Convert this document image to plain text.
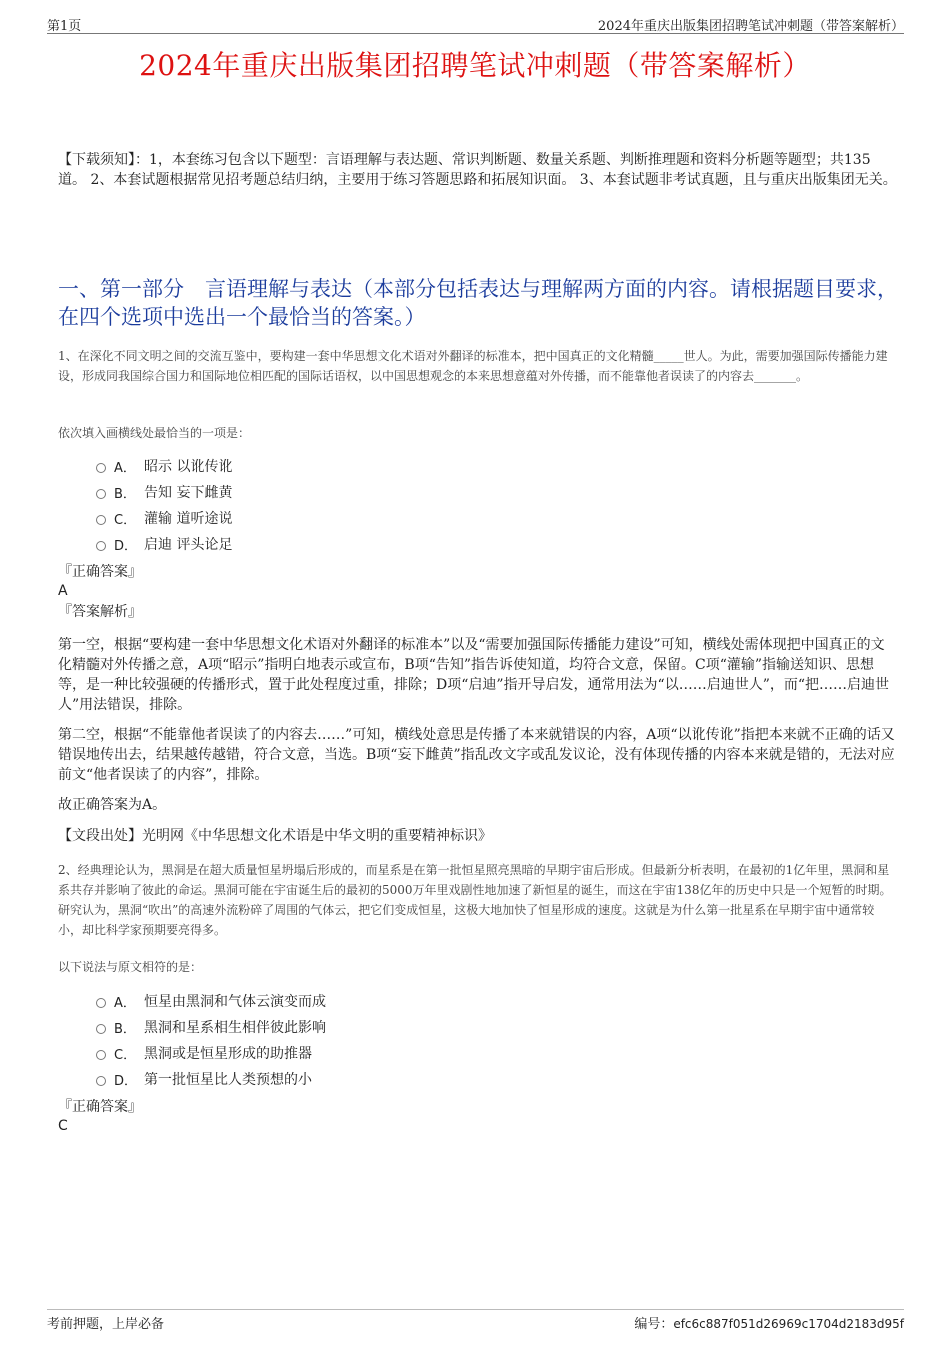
第1页	2024年重庆出版集团招聘笔试冲刺题（带答案解析）
2024年重庆出版集团招聘笔试冲刺题（带答案解析）
【下载须知】：1，本套练习包含以下题型：言语理解与表达题、常识判断题、数量关系题、判断推理题和资料分析题等题型；共135道。 2、本套试题根据常见招考题总结归纳，主要用于练习答题思路和拓展知识面。 3、本套试题非考试真题，且与重庆出版集团无关。
一、第一部分　言语理解与表达（本部分包括表达与理解两方面的内容。请根据题目要求，在四个选项中选出一个最恰当的答案。）
1、在深化不同文明之间的交流互鉴中，要构建一套中华思想文化术语对外翻译的标准本，把中国真正的文化精髓_____世人。为此，需要加强国际传播能力建设，形成同我国综合国力和国际地位相匹配的国际话语权，以中国思想观念的本来思想意蕴对外传播，而不能靠他者误读了的内容去_______。
依次填入画横线处最恰当的一项是：
A． 昭示 以讹传讹
B． 告知 妄下雌黄
C． 灌输 道听途说
D． 启迪 评头论足
『正确答案』
A
『答案解析』

第一空，根据“要构建一套中华思想文化术语对外翻译的标准本”以及“需要加强国际传播能力建设”可知，横线处需体现把中国真正的文化精髓对外传播之意，A项“昭示”指明白地表示或宣布，B项“告知”指告诉使知道，均符合文意，保留。C项“灌输”指输送知识、思想等，是一种比较强硬的传播形式，置于此处程度过重，排除；D项“启迪”指开导启发，通常用法为“以……启迪世人”，而“把……启迪世人”用法错误，排除。

第二空，根据“不能靠他者误读了的内容去……”可知，横线处意思是传播了本来就错误的内容，A项“以讹传讹”指把本来就不正确的话又错误地传出去，结果越传越错，符合文意，当选。B项“妄下雌黄”指乱改文字或乱发议论，没有体现传播的内容本来就是错的，无法对应前文“他者误读了的内容”，排除。

故正确答案为A。

【文段出处】光明网《中华思想文化术语是中华文明的重要精神标识》
2、经典理论认为，黑洞是在超大质量恒星坍塌后形成的，而星系是在第一批恒星照亮黑暗的早期宇宙后形成。但最新分析表明，在最初的1亿年里，黑洞和星系共存并影响了彼此的命运。黑洞可能在宇宙诞生后的最初的5000万年里戏剧性地加速了新恒星的诞生，而这在宇宙138亿年的历史中只是一个短暂的时期。研究认为，黑洞“吹出”的高速外流粉碎了周围的气体云，把它们变成恒星，这极大地加快了恒星形成的速度。这就是为什么第一批星系在早期宇宙中通常较小，却比科学家预期要亮得多。
以下说法与原文相符的是：
A． 恒星由黑洞和气体云演变而成
B． 黑洞和星系相生相伴彼此影响
C． 黑洞或是恒星形成的助推器
D． 第一批恒星比人类预想的小
『正确答案』
C
考前押题，上岸必备	编号：efc6c887f051d26969c1704d2183d95f
